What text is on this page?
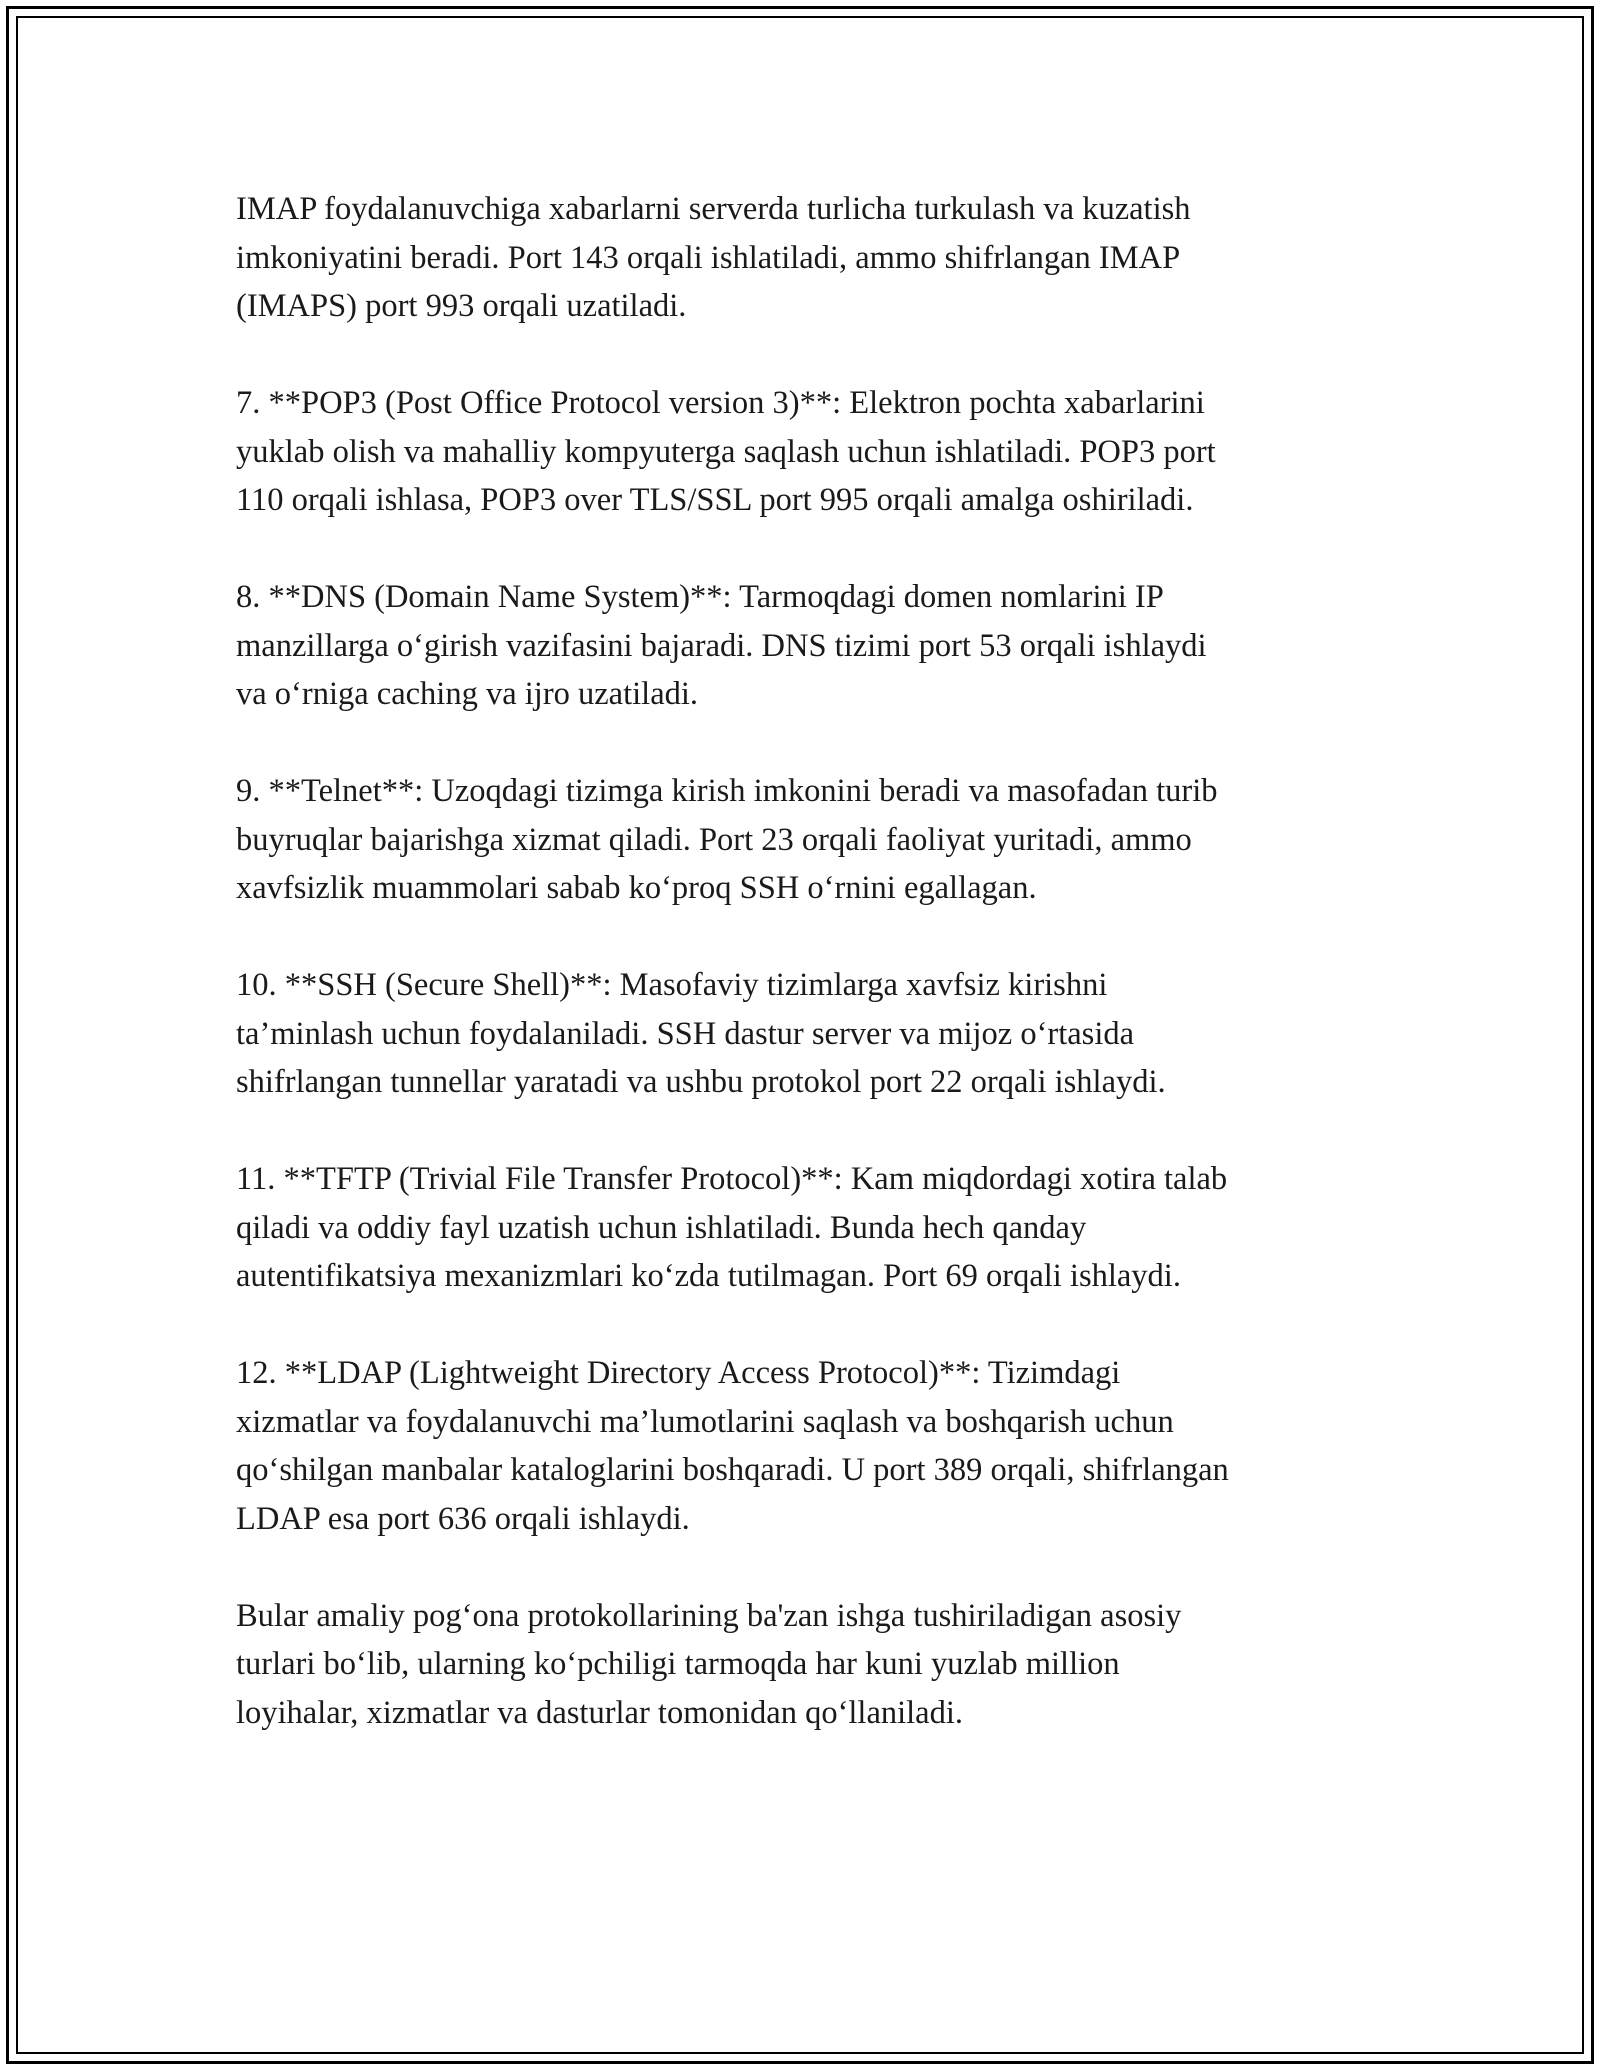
IMAP foydalanuvchiga xabarlarni serverda turlicha turkulash va kuzatish
imkoniyatini beradi. Port 143 orqali ishlatiladi, ammo shifrlangan IMAP
(IMAPS) port 993 orqali uzatiladi.

7. **POP3 (Post Office Protocol version 3)**: Elektron pochta xabarlarini
yuklab olish va mahalliy kompyuterga saqlash uchun ishlatiladi. POP3 port
110 orqali ishlasa, POP3 over TLS/SSL port 995 orqali amalga oshiriladi.

8. **DNS (Domain Name System)**: Tarmoqdagi domen nomlarini IP
manzillarga o‘girish vazifasini bajaradi. DNS tizimi port 53 orqali ishlaydi
va o‘rniga caching va ijro uzatiladi.

9. **Telnet**: Uzoqdagi tizimga kirish imkonini beradi va masofadan turib
buyruqlar bajarishga xizmat qiladi. Port 23 orqali faoliyat yuritadi, ammo
xavfsizlik muammolari sabab ko‘proq SSH o‘rnini egallagan.

10. **SSH (Secure Shell)**: Masofaviy tizimlarga xavfsiz kirishni
ta’minlash uchun foydalaniladi. SSH dastur server va mijoz o‘rtasida
shifrlangan tunnellar yaratadi va ushbu protokol port 22 orqali ishlaydi.

11. **TFTP (Trivial File Transfer Protocol)**: Kam miqdordagi xotira talab
qiladi va oddiy fayl uzatish uchun ishlatiladi. Bunda hech qanday
autentifikatsiya mexanizmlari ko‘zda tutilmagan. Port 69 orqali ishlaydi.

12. **LDAP (Lightweight Directory Access Protocol)**: Tizimdagi
xizmatlar va foydalanuvchi ma’lumotlarini saqlash va boshqarish uchun
qo‘shilgan manbalar kataloglarini boshqaradi. U port 389 orqali, shifrlangan
LDAP esa port 636 orqali ishlaydi.

Bular amaliy pog‘ona protokollarining ba'zan ishga tushiriladigan asosiy
turlari bo‘lib, ularning ko‘pchiligi tarmoqda har kuni yuzlab million
loyihalar, xizmatlar va dasturlar tomonidan qo‘llaniladi.
